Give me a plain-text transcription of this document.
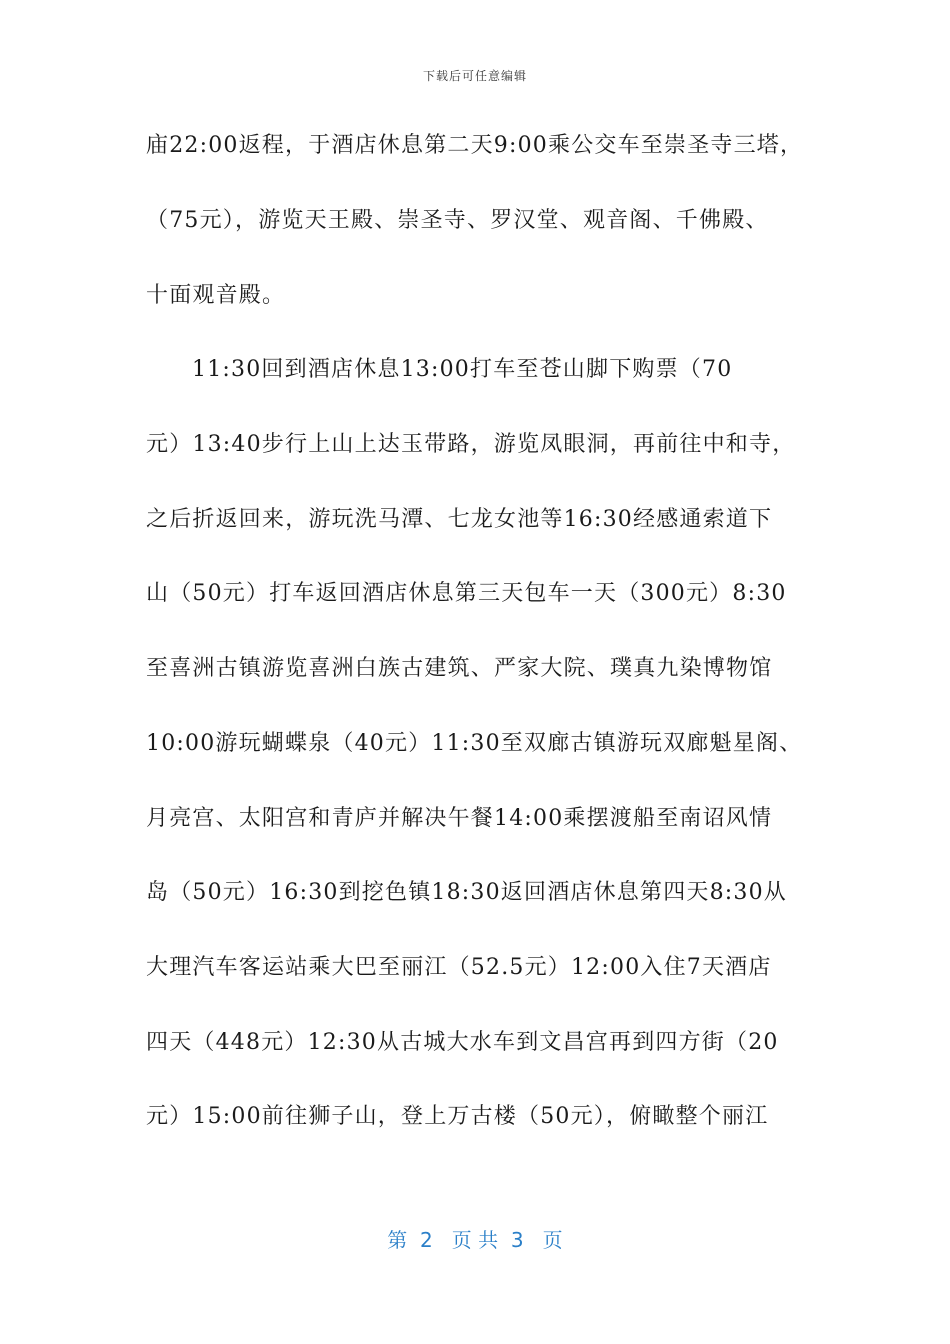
下载后可任意编辑
庙22:00返程，于酒店休息第二天9:00乘公交车至崇圣寺三塔，
（75元），游览天王殿、崇圣寺、罗汉堂、观音阁、千佛殿、
十面观音殿。
11:30回到酒店休息13:00打车至苍山脚下购票（70
元）13:40步行上山上达玉带路，游览凤眼洞，再前往中和寺，
之后折返回来，游玩洗马潭、七龙女池等16:30经感通索道下
山（50元）打车返回酒店休息第三天包车一天（300元）8:30
至喜洲古镇游览喜洲白族古建筑、严家大院、璞真九染博物馆
10:00游玩蝴蝶泉（40元）11:30至双廊古镇游玩双廊魁星阁、
月亮宫、太阳宫和青庐并解决午餐14:00乘摆渡船至南诏风情
岛（50元）16:30到挖色镇18:30返回酒店休息第四天8:30从
大理汽车客运站乘大巴至丽江（52.5元）12:00入住7天酒店
四天（448元）12:30从古城大水车到文昌宫再到四方街（20
元）15:00前往狮子山，登上万古楼（50元），俯瞰整个丽江
第  2   页 共  3   页
